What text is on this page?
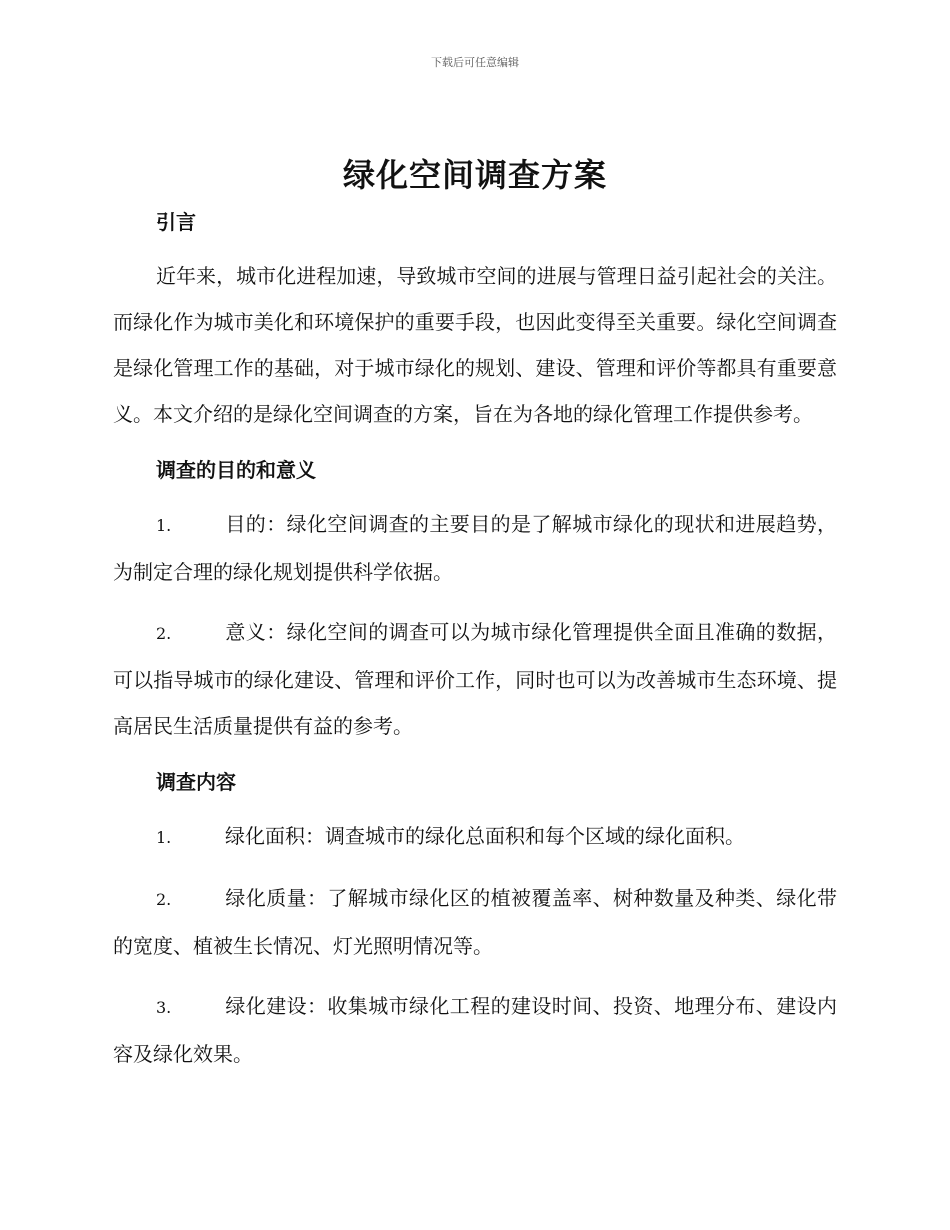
下载后可任意编辑
绿化空间调查方案
引言

近年来，城市化进程加速，导致城市空间的进展与管理日益引起社会的关注。而绿化作为城市美化和环境保护的重要手段，也因此变得至关重要。绿化空间调查是绿化管理工作的基础，对于城市绿化的规划、建设、管理和评价等都具有重要意义。本文介绍的是绿化空间调查的方案，旨在为各地的绿化管理工作提供参考。

调查的目的和意义

1.	目的：绿化空间调查的主要目的是了解城市绿化的现状和进展趋势，为制定合理的绿化规划提供科学依据。

2.	意义：绿化空间的调查可以为城市绿化管理提供全面且准确的数据，可以指导城市的绿化建设、管理和评价工作，同时也可以为改善城市生态环境、提高居民生活质量提供有益的参考。

调查内容

1.	绿化面积：调查城市的绿化总面积和每个区域的绿化面积。

2.	绿化质量：了解城市绿化区的植被覆盖率、树种数量及种类、绿化带的宽度、植被生长情况、灯光照明情况等。

3.	绿化建设：收集城市绿化工程的建设时间、投资、地理分布、建设内容及绿化效果。
